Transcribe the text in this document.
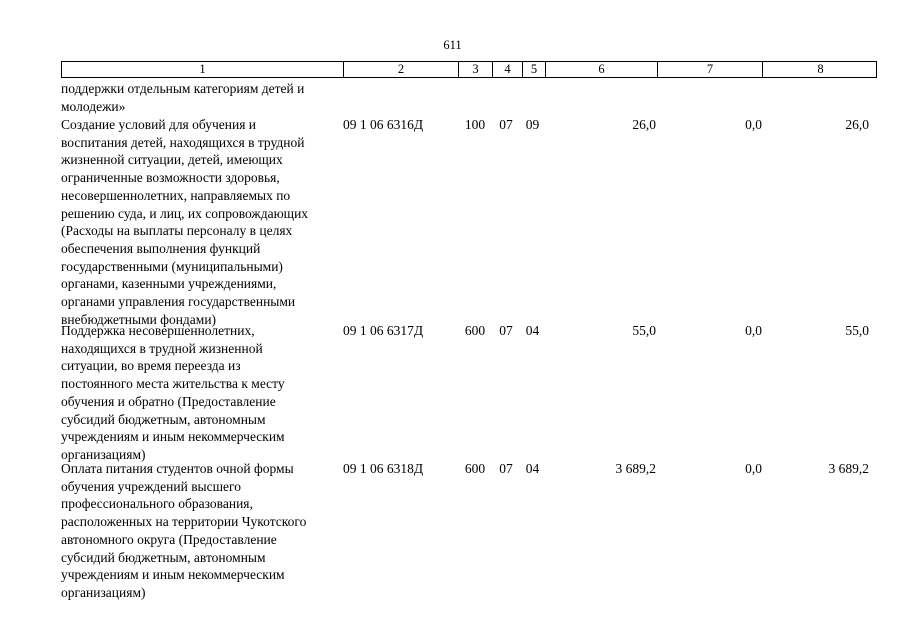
611
1	2	3	4	5	6	7	8
поддержки отдельным категориям детей и
молодежи»
Создание условий для обучения и
воспитания детей, находящихся в трудной
жизненной ситуации, детей, имеющих
ограниченные возможности здоровья,
несовершеннолетних, направляемых по
решению суда, и лиц, их сопровождающих
(Расходы на выплаты персоналу в целях
обеспечения выполнения функций
государственными (муниципальными)
органами, казенными учреждениями,
органами управления государственными
внебюджетными фондами)
09 1 06 6316Д	100	07 09	26,0	0,0	26,0
Поддержка несовершеннолетних,
находящихся в трудной жизненной
ситуации, во время переезда из
постоянного места жительства к месту
обучения и обратно (Предоставление
субсидий бюджетным, автономным
учреждениям и иным некоммерческим
организациям)
09 1 06 6317Д	600	07 04	55,0	0,0	55,0
Оплата питания студентов очной формы
обучения учреждений высшего
профессионального образования,
расположенных на территории Чукотского
автономного округа (Предоставление
субсидий бюджетным, автономным
учреждениям и иным некоммерческим
организациям)
09 1 06 6318Д	600	07 04	3 689,2	0,0	3 689,2
